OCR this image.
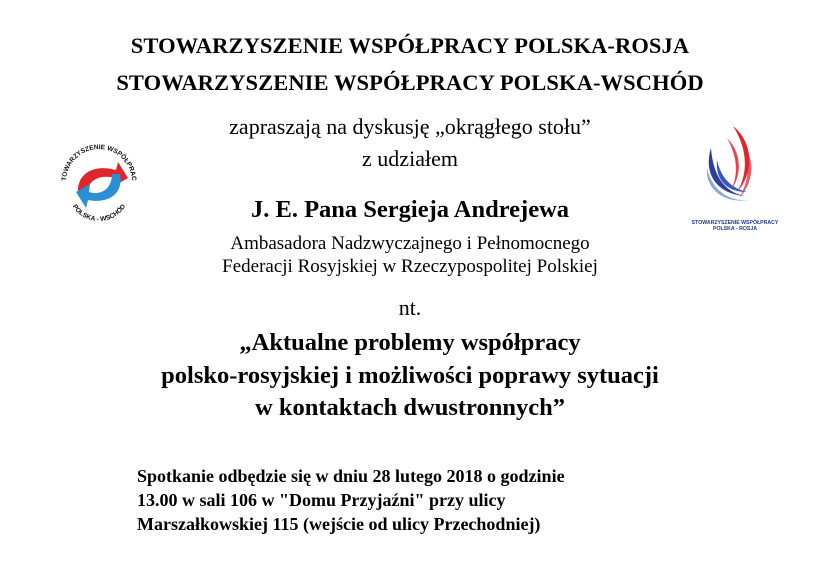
STOWARZYSZENIE WSPÓŁPRACY POLSKA-ROSJA
STOWARZYSZENIE WSPÓŁPRACY POLSKA-WSCHÓD
zapraszają na dyskusję „okrągłego stołu”
z udziałem
J. E. Pana Sergieja Andrejewa
Ambasadora Nadzwyczajnego i Pełnomocnego
Federacji Rosyjskiej w Rzeczypospolitej Polskiej
nt.
„Aktualne problemy współpracy
polsko-rosyjskiej i możliwości poprawy sytuacji
w kontaktach dwustronnych”
Spotkanie odbędzie się w dniu 28 lutego 2018 o godzinie
13.00 w sali 106 w "Domu Przyjaźni" przy ulicy
Marszałkowskiej 115 (wejście od ulicy Przechodniej)
TOWARZYSZENIE WSPÓŁPRAC
POLSKA - WSCHÓD
STOWARZYSZENIE WSPÓŁPRACY
POLSKA - ROSJA
